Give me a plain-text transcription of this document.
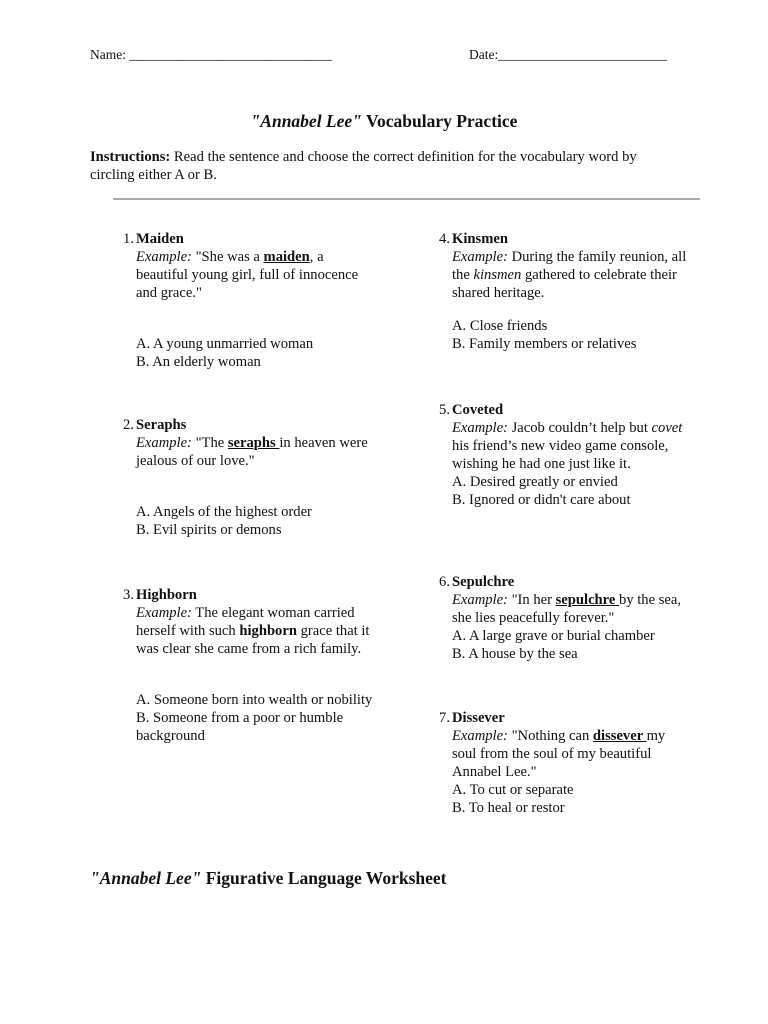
Name: ______________________________	Date:_________________________
"Annabel Lee" Vocabulary Practice
Instructions: Read the sentence and choose the correct definition for the vocabulary word by circling either A or B.
1. Maiden
Example: "She was a maiden, a beautiful young girl, full of innocence and grace."
A. A young unmarried woman
B. An elderly woman
2. Seraphs
Example: "The seraphs in heaven were jealous of our love."
A. Angels of the highest order
B. Evil spirits or demons
3. Highborn
Example: The elegant woman carried herself with such highborn grace that it was clear she came from a rich family.
A. Someone born into wealth or nobility
B. Someone from a poor or humble background
4. Kinsmen
Example: During the family reunion, all the kinsmen gathered to celebrate their shared heritage.
A. Close friends
B. Family members or relatives
5. Coveted
Example: Jacob couldn’t help but covet his friend’s new video game console, wishing he had one just like it.
A. Desired greatly or envied
B. Ignored or didn't care about
6. Sepulchre
Example: "In her sepulchre by the sea, she lies peacefully forever."
A. A large grave or burial chamber
B. A house by the sea
7. Dissever
Example: "Nothing can dissever my soul from the soul of my beautiful Annabel Lee."
A. To cut or separate
B. To heal or restor
"Annabel Lee" Figurative Language Worksheet
